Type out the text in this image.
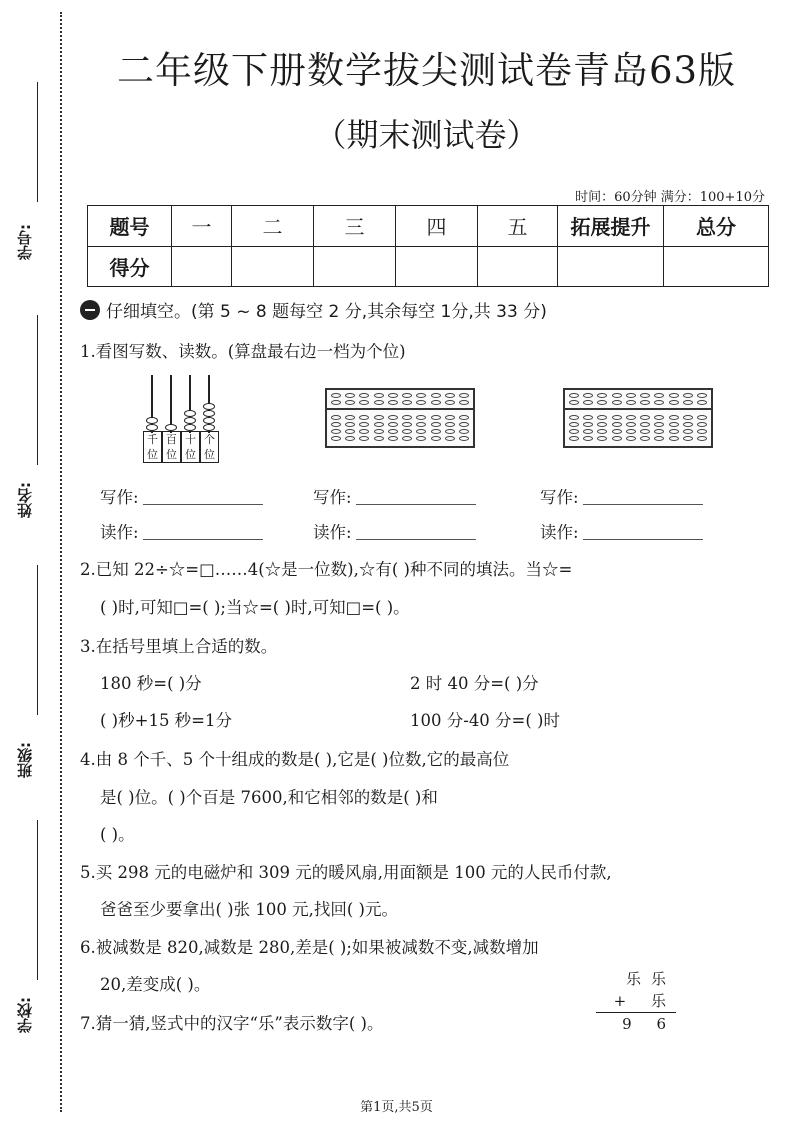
学号:
姓名:
班级:
学校:
二年级下册数学拔尖测试卷青岛63版
（期末测试卷）
时间：60分钟 满分：100+10分
题号	一	二	三	四	五	拓展提升	总分
得分							
仔细填空。(第 5 ~ 8 题每空 2 分,其余每空 1分,共 33 分)
1.看图写数、读数。(算盘最右边一档为个位)
千位
百位
十位
个位
写作:	写作:	写作:
读作:	读作:	读作:
2.已知 22÷☆=□……4(☆是一位数),☆有( )种不同的填法。当☆=
( )时,可知□=( );当☆=( )时,可知□=( )。
3.在括号里填上合适的数。
180 秒=( )分	2 时 40 分=( )分
( )秒+15 秒=1分	100 分-40 分=( )时
4.由 8 个千、5 个十组成的数是( ),它是( )位数,它的最高位
是( )位。( )个百是 7600,和它相邻的数是( )和
( )。
5.买 298 元的电磁炉和 309 元的暖风扇,用面额是 100 元的人民币付款,
爸爸至少要拿出( )张 100 元,找回( )元。
6.被减数是 820,减数是 280,差是( );如果被减数不变,减数增加
20,差变成( )。
7.猜一猜,竖式中的汉字“乐”表示数字( )。
乐乐
+ 乐
9 6
第1页,共5页
